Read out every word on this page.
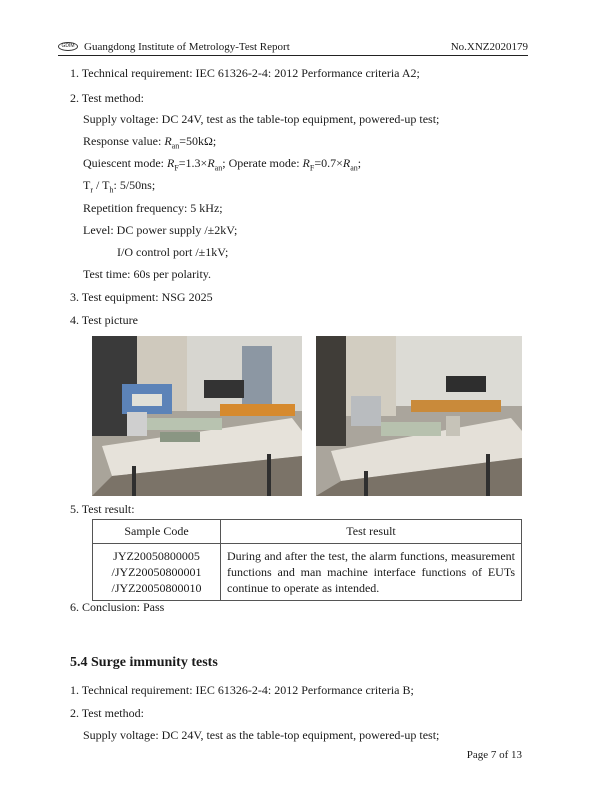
GDIM Guangdong Institute of Metrology-Test Report	No.XNZ2020179
1. Technical requirement: IEC 61326-2-4: 2012 Performance criteria A2;
2. Test method:
Supply voltage: DC 24V, test as the table-top equipment, powered-up test;
Response value: $R_{an}=50k\Omega$;
Quiescent mode: $R_F=1.3\times R_{an}$; Operate mode: $R_F=0.7\times R_{an}$;
$T_r / T_h$: 5/50ns;
Repetition frequency: 5 kHz;
Level: DC power supply /±2kV;
I/O control port /±1kV;
Test time: 60s per polarity.
3. Test equipment: NSG 2025
4. Test picture
5. Test result:
Sample Code	Test result

JYZ20050800005
/JYZ20050800001
/JYZ20050800010	During and after the test, the alarm functions, measurement functions and man machine interface functions of EUTs continue to operate as intended.
6. Conclusion: Pass
5.4 Surge immunity tests
1. Technical requirement: IEC 61326-2-4: 2012 Performance criteria B;
2. Test method:
Supply voltage: DC 24V, test as the table-top equipment, powered-up test;
Page 7 of 13
